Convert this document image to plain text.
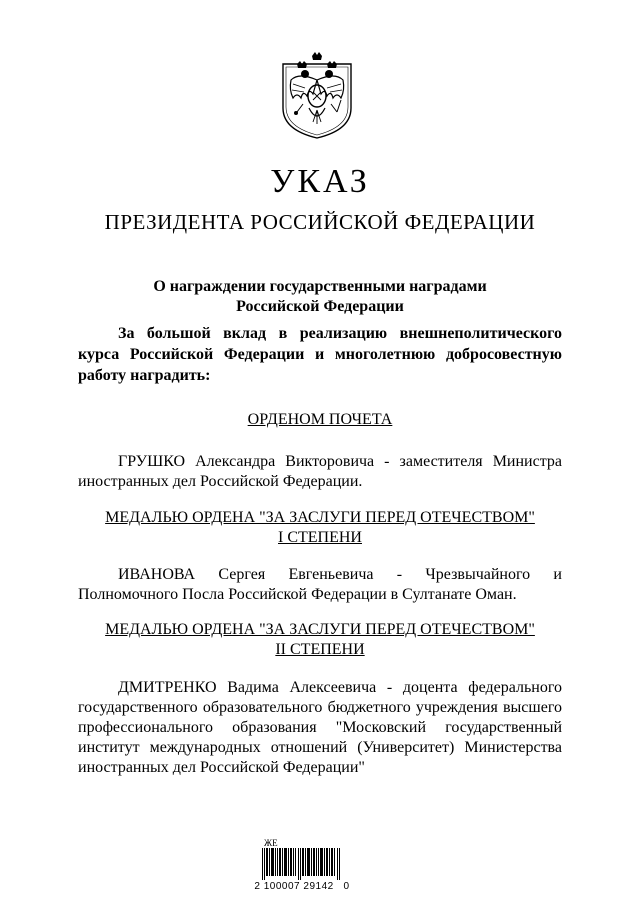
УКАЗ
ПРЕЗИДЕНТА РОССИЙСКОЙ ФЕДЕРАЦИИ
О награждении государственными наградами
Российской Федерации
За большой вклад в реализацию внешнеполитического курса Российской Федерации и многолетнюю добросовестную работу наградить:
ОРДЕНОМ ПОЧЕТА
ГРУШКО Александра Викторовича - заместителя Министра иностранных дел Российской Федерации.
МЕДАЛЬЮ ОРДЕНА "ЗА ЗАСЛУГИ ПЕРЕД ОТЕЧЕСТВОМ"
I СТЕПЕНИ
ИВАНОВА Сергея Евгеньевича - Чрезвычайного и Полномочного Посла Российской Федерации в Султанате Оман.
МЕДАЛЬЮ ОРДЕНА "ЗА ЗАСЛУГИ ПЕРЕД ОТЕЧЕСТВОМ"
II СТЕПЕНИ
ДМИТРЕНКО Вадима Алексеевича - доцента федерального государственного образовательного бюджетного учреждения высшего профессионального образования "Московский государственный институт международных отношений (Университет) Министерства иностранных дел Российской Федерации"
ЖЕ
2 100007 29142   0
